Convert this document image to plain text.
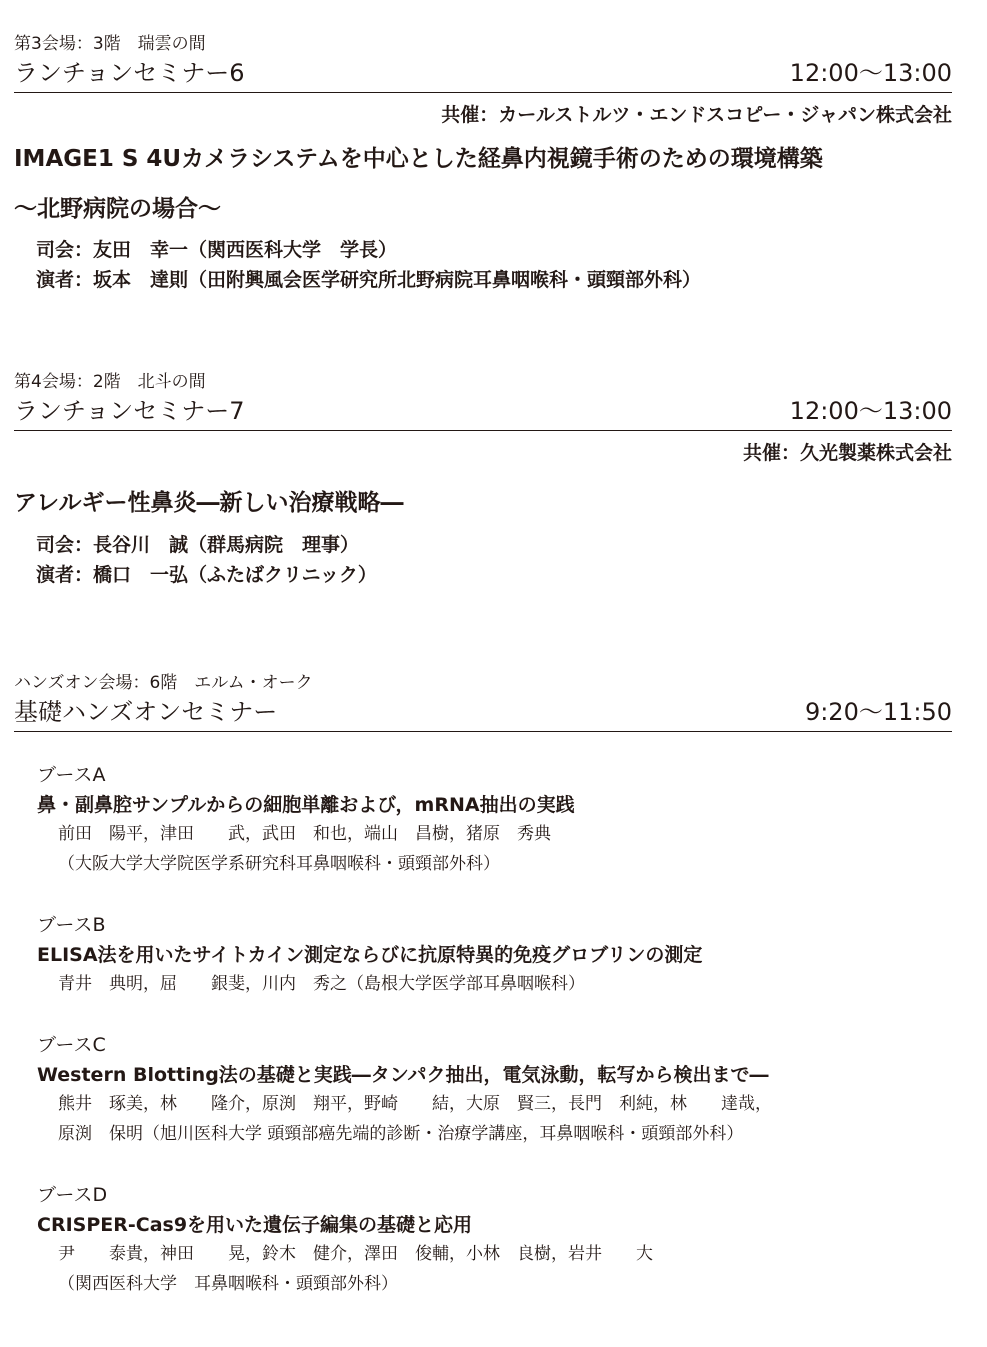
第3会場：3階　瑞雲の間
ランチョンセミナー6	12:00～13:00
共催：カールストルツ・エンドスコピー・ジャパン株式会社
IMAGE1 S 4Uカメラシステムを中心とした経鼻内視鏡手術のための環境構築
～北野病院の場合～
司会：友田　幸一（関西医科大学　学長）
演者：坂本　達則（田附興風会医学研究所北野病院耳鼻咽喉科・頭頸部外科）
第4会場：2階　北斗の間
ランチョンセミナー7	12:00～13:00
共催：久光製薬株式会社
アレルギー性鼻炎―新しい治療戦略―
司会：長谷川　誠（群馬病院　理事）
演者：橋口　一弘（ふたばクリニック）
ハンズオン会場：6階　エルム・オーク
基礎ハンズオンセミナー	9:20～11:50
ブースA
鼻・副鼻腔サンプルからの細胞単離および，mRNA抽出の実践
前田　陽平，津田　　武，武田　和也，端山　昌樹，猪原　秀典
（大阪大学大学院医学系研究科耳鼻咽喉科・頭頸部外科）
ブースB
ELISA法を用いたサイトカイン測定ならびに抗原特異的免疫グロブリンの測定
青井　典明，屈　　銀斐，川内　秀之（島根大学医学部耳鼻咽喉科）
ブースC
Western Blotting法の基礎と実践―タンパク抽出，電気泳動，転写から検出まで―
熊井　琢美，林　　隆介，原渕　翔平，野崎　　結，大原　賢三，長門　利純，林　　達哉，
原渕　保明（旭川医科大学 頭頸部癌先端的診断・治療学講座，耳鼻咽喉科・頭頸部外科）
ブースD
CRISPER-Cas9を用いた遺伝子編集の基礎と応用
尹　　泰貴，神田　　晃，鈴木　健介，澤田　俊輔，小林　良樹，岩井　　大
（関西医科大学　耳鼻咽喉科・頭頸部外科）
